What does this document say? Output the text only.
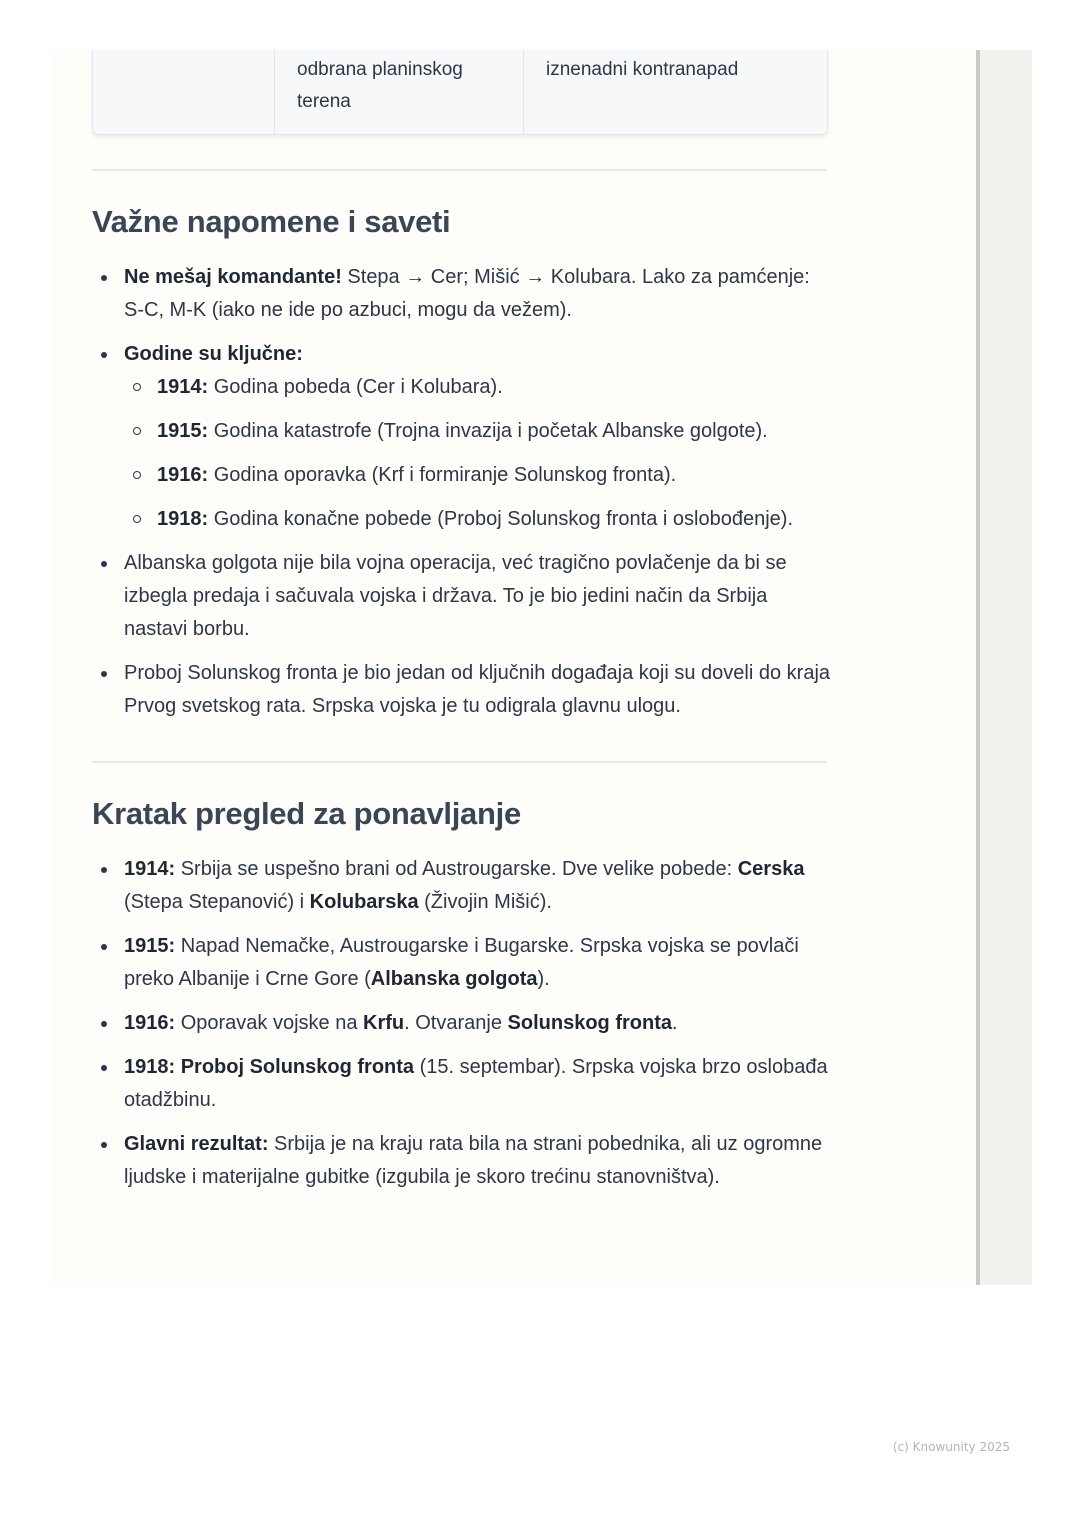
odbrana planinskog terena
iznenadni kontranapad
Važne napomene i saveti
Ne mešaj komandante! Stepa → Cer; Mišić → Kolubara. Lako za pamćenje: S-C, M-K (iako ne ide po azbuci, mogu da vežem).
Godine su ključne:
1914: Godina pobeda (Cer i Kolubara).
1915: Godina katastrofe (Trojna invazija i početak Albanske golgote).
1916: Godina oporavka (Krf i formiranje Solunskog fronta).
1918: Godina konačne pobede (Proboj Solunskog fronta i oslobođenje).
Albanska golgota nije bila vojna operacija, već tragično povlačenje da bi se izbegla predaja i sačuvala vojska i država. To je bio jedini način da Srbija nastavi borbu.
Proboj Solunskog fronta je bio jedan od ključnih događaja koji su doveli do kraja Prvog svetskog rata. Srpska vojska je tu odigrala glavnu ulogu.
Kratak pregled za ponavljanje
1914: Srbija se uspešno brani od Austrougarske. Dve velike pobede: Cerska (Stepa Stepanović) i Kolubarska (Živojin Mišić).
1915: Napad Nemačke, Austrougarske i Bugarske. Srpska vojska se povlači preko Albanije i Crne Gore (Albanska golgota).
1916: Oporavak vojske na Krfu. Otvaranje Solunskog fronta.
1918: Proboj Solunskog fronta (15. septembar). Srpska vojska brzo oslobađa otadžbinu.
Glavni rezultat: Srbija je na kraju rata bila na strani pobednika, ali uz ogromne ljudske i materijalne gubitke (izgubila je skoro trećinu stanovništva).
(c) Knowunity 2025
